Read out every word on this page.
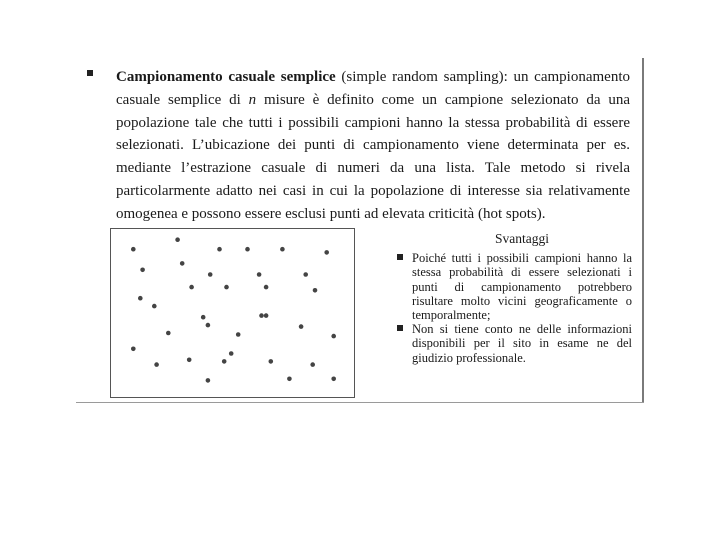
Campionamento casuale semplice (simple random sampling): un campionamento casuale semplice di n misure è definito come un campione selezionato da una popolazione tale che tutti i possibili campioni hanno la stessa probabilità di essere selezionati. L’ubicazione dei punti di campionamento viene determinata per es. mediante l’estrazione casuale di numeri da una lista. Tale metodo si rivela particolarmente adatto nei casi in cui la popolazione di interesse sia relativamente omogenea e possono essere esclusi punti ad elevata criticità (hot spots).
Svantaggi
Poiché tutti i possibili campioni hanno la stessa probabilità di essere selezionati i punti di campionamento potrebbero risultare molto vicini geograficamente o temporalmente;
Non si tiene conto ne delle informazioni disponibili per il sito in esame ne del giudizio professionale.
